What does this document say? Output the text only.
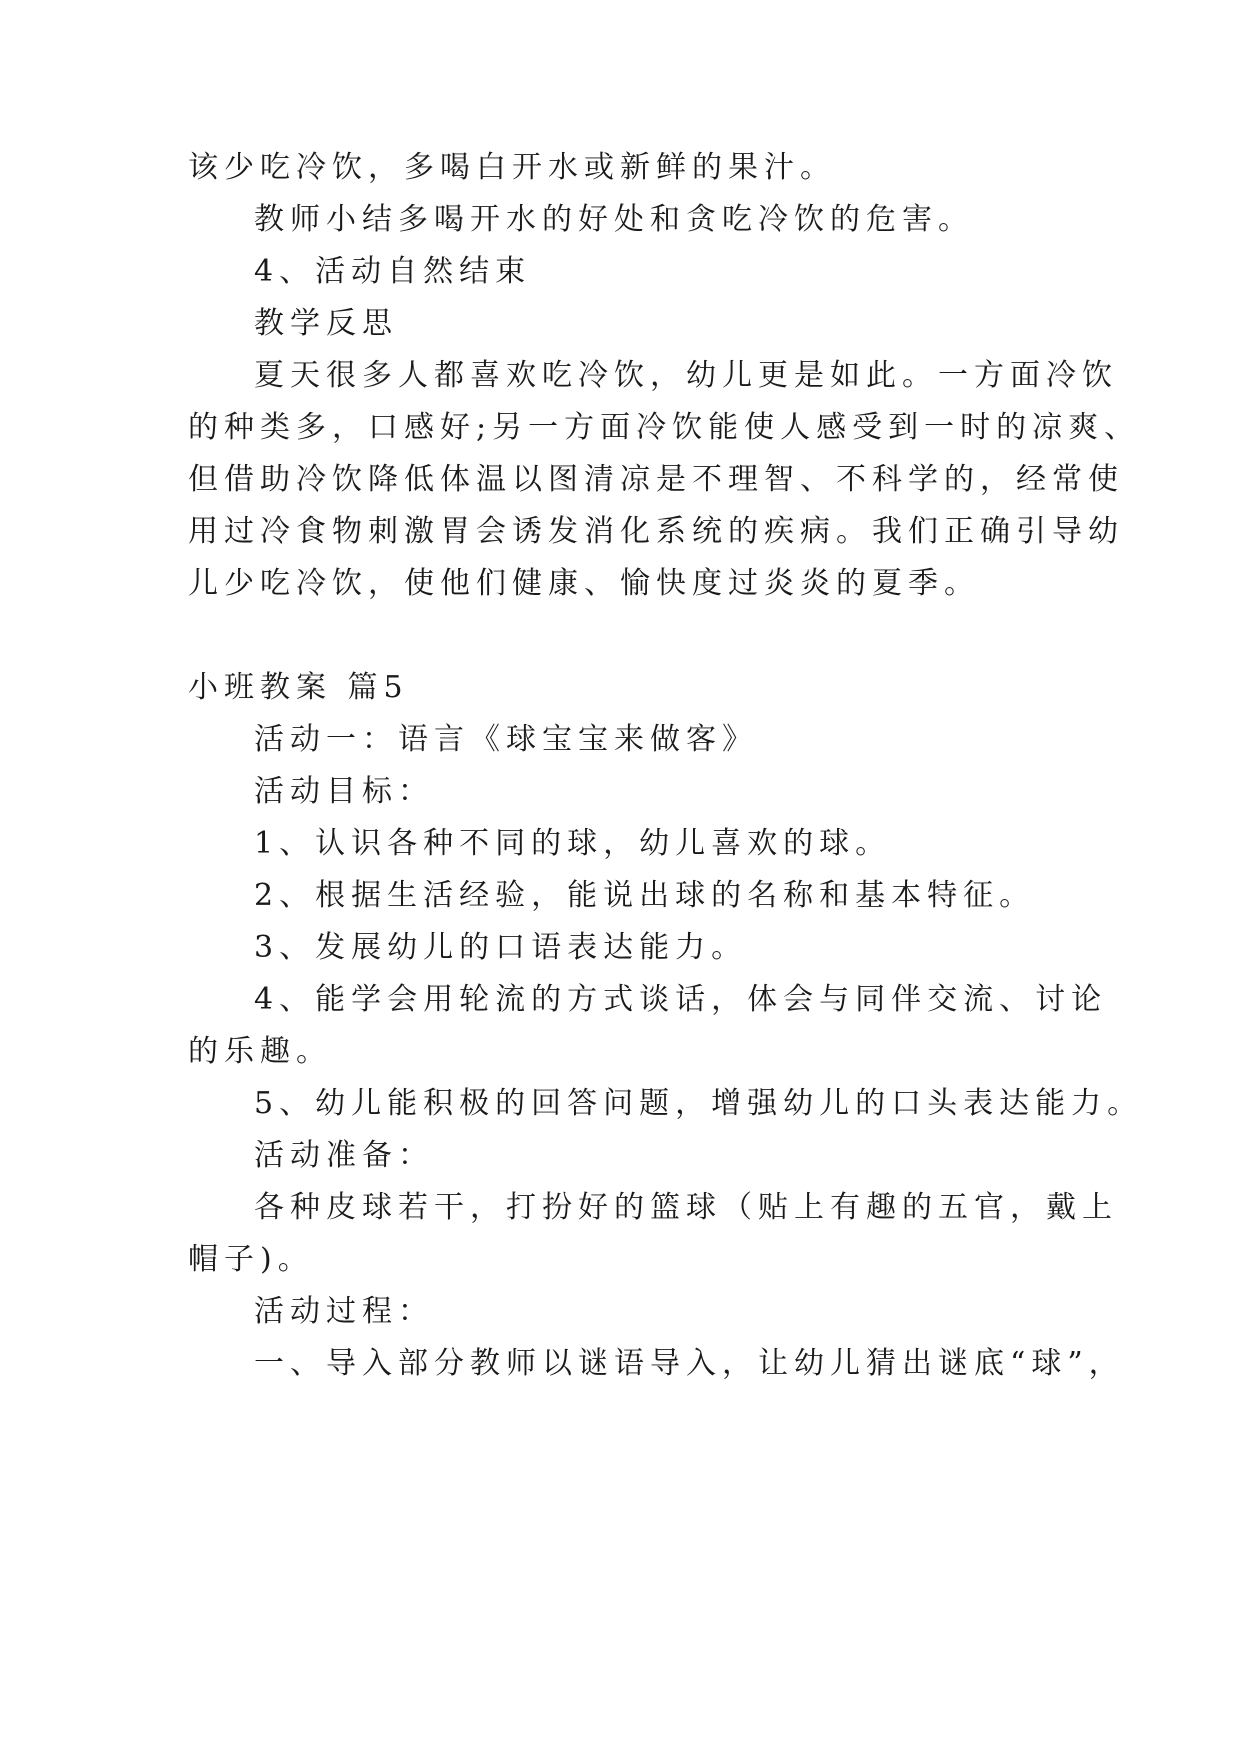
该少吃冷饮，多喝白开水或新鲜的果汁。
教师小结多喝开水的好处和贪吃冷饮的危害。
4、活动自然结束
教学反思
夏天很多人都喜欢吃冷饮，幼儿更是如此。一方面冷饮
的种类多，口感好;另一方面冷饮能使人感受到一时的凉爽、
但借助冷饮降低体温以图清凉是不理智、不科学的，经常使
用过冷食物刺激胃会诱发消化系统的疾病。我们正确引导幼
儿少吃冷饮，使他们健康、愉快度过炎炎的夏季。
小班教案 篇5
活动一：语言《球宝宝来做客》
活动目标：
1、认识各种不同的球，幼儿喜欢的球。
2、根据生活经验，能说出球的名称和基本特征。
3、发展幼儿的口语表达能力。
4、能学会用轮流的方式谈话，体会与同伴交流、讨论
的乐趣。
5、幼儿能积极的回答问题，增强幼儿的口头表达能力。
活动准备：
各种皮球若干，打扮好的篮球（贴上有趣的五官，戴上
帽子)。
活动过程：
一、导入部分教师以谜语导入，让幼儿猜出谜底“球”，
